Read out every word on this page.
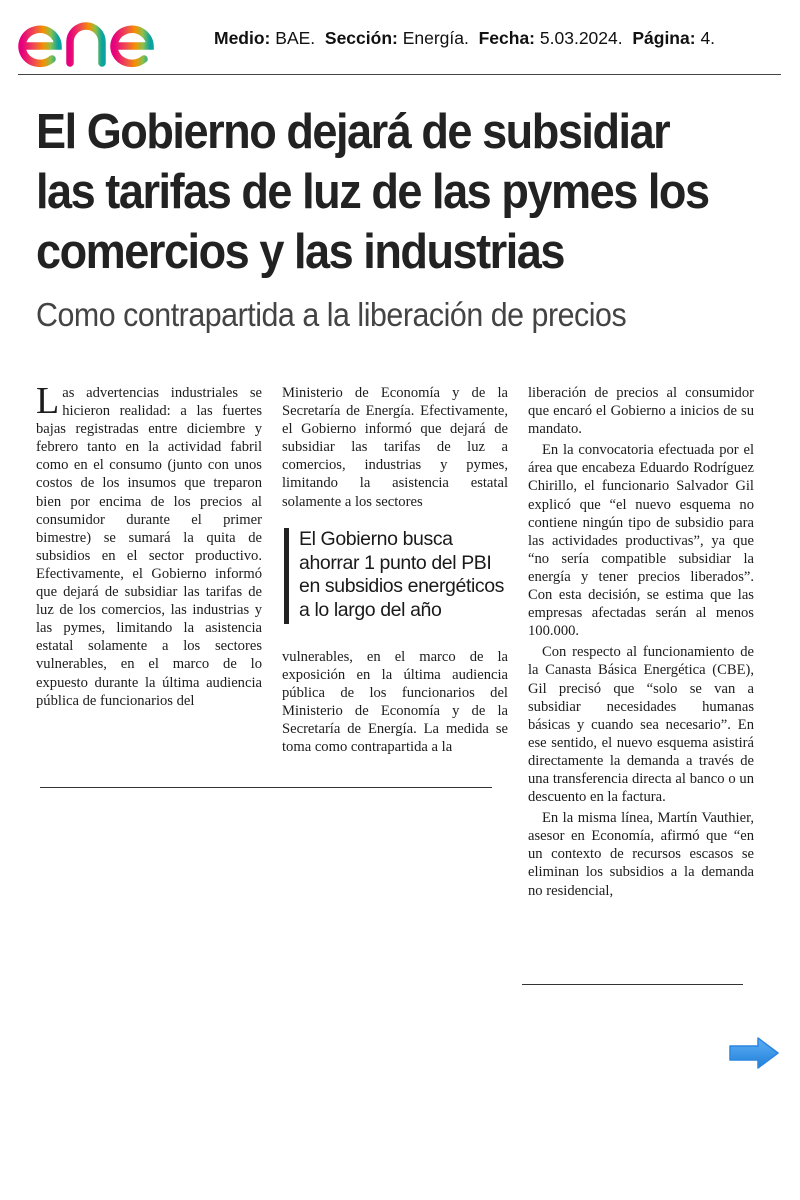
Medio: BAE. Sección: Energía. Fecha: 5.03.2024. Página: 4.
El Gobierno dejará de subsidiar las tarifas de luz de las pymes los comercios y las industrias
Como contrapartida a la liberación de precios

Las advertencias industriales se hicieron realidad: a las fuertes bajas registradas entre diciembre y febrero tanto en la actividad fabril como en el consumo (junto con unos costos de los insumos que treparon bien por encima de los precios al consumidor durante el primer bimestre) se sumará la quita de subsidios en el sector productivo. Efectivamente, el Gobierno informó que dejará de subsidiar las tarifas de luz de los comercios, las industrias y las pymes, limitando la asistencia estatal solamente a los sectores vulnerables, en el marco de lo expuesto durante la última audiencia pública de funcionarios del

Ministerio de Economía y de la Secretaría de Energía. Efectivamente, el Gobierno informó que dejará de subsidiar las tarifas de luz a comercios, industrias y pymes, limitando la asistencia estatal solamente a los sectores

El Gobierno busca ahorrar 1 punto del PBI en subsidios energéticos a lo largo del año

vulnerables, en el marco de la exposición en la última audiencia pública de los funcionarios del Ministerio de Economía y de la Secretaría de Energía. La medida se toma como contrapartida a la

liberación de precios al consumidor que encaró el Gobierno a inicios de su mandato.

En la convocatoria efectuada por el área que encabeza Eduardo Rodríguez Chirillo, el funcionario Salvador Gil explicó que “el nuevo esquema no contiene ningún tipo de subsidio para las actividades productivas”, ya que “no sería compatible subsidiar la energía y tener precios liberados”. Con esta decisión, se estima que las empresas afectadas serán al menos 100.000.

Con respecto al funcionamiento de la Canasta Básica Energética (CBE), Gil precisó que “solo se van a subsidiar necesidades humanas básicas y cuando sea necesario”. En ese sentido, el nuevo esquema asistirá directamente la demanda a través de una transferencia directa al banco o un descuento en la factura.

En la misma línea, Martín Vauthier, asesor en Economía, afirmó que “en un contexto de recursos escasos se eliminan los subsidios a la demanda no residencial,
